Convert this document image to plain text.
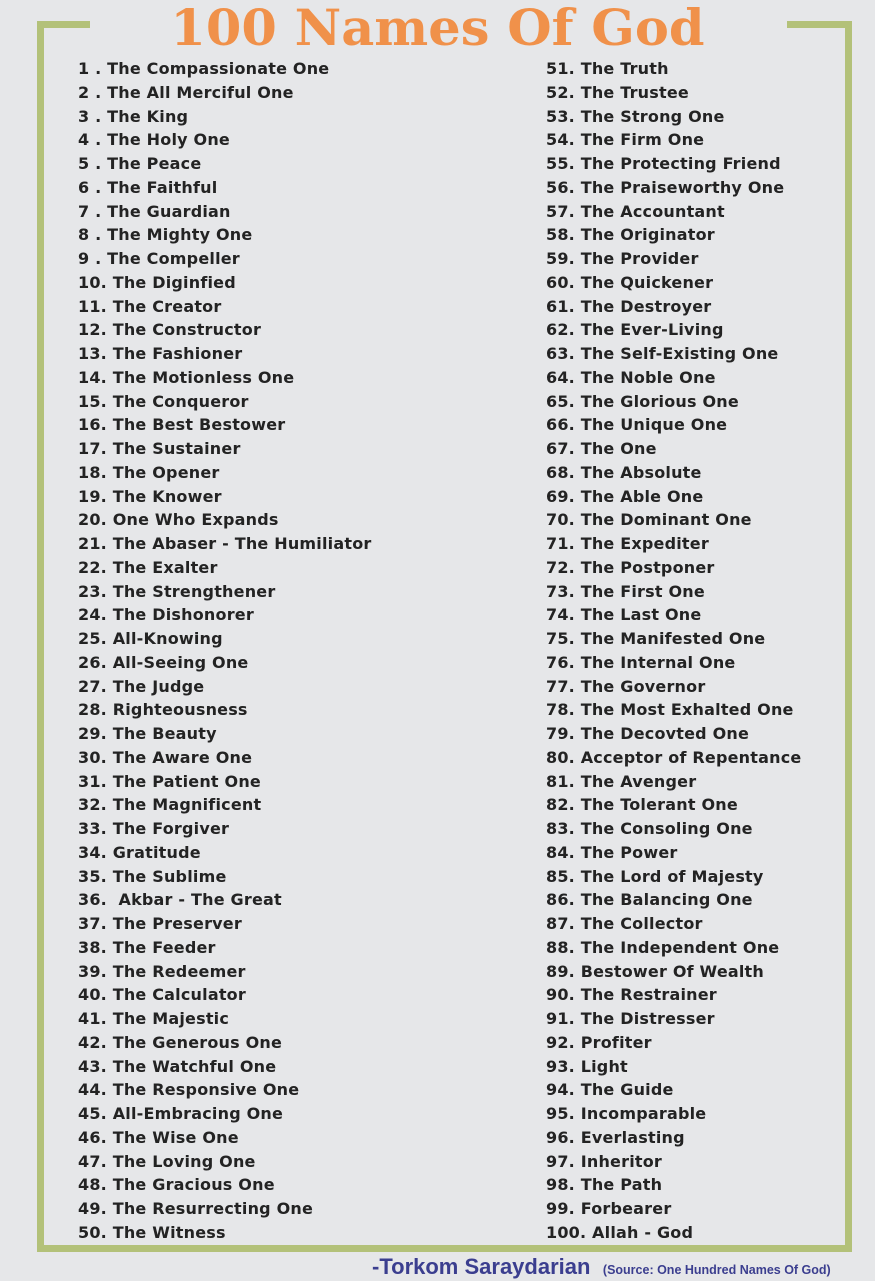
100 Names Of God
1 . The Compassionate One
2 . The All Merciful One
3 . The King
4 . The Holy One
5 . The Peace
6 . The Faithful
7 . The Guardian
8 . The Mighty One
9 . The Compeller
10. The Diginfied
11. The Creator
12. The Constructor
13. The Fashioner
14. The Motionless One
15. The Conqueror
16. The Best Bestower
17. The Sustainer
18. The Opener
19. The Knower
20. One Who Expands
21. The Abaser - The Humiliator
22. The Exalter
23. The Strengthener
24. The Dishonorer
25. All-Knowing
26. All-Seeing One
27. The Judge
28. Righteousness
29. The Beauty
30. The Aware One
31. The Patient One
32. The Magnificent
33. The Forgiver
34. Gratitude
35. The Sublime
36.  Akbar - The Great
37. The Preserver
38. The Feeder
39. The Redeemer
40. The Calculator
41. The Majestic
42. The Generous One
43. The Watchful One
44. The Responsive One
45. All-Embracing One
46. The Wise One
47. The Loving One
48. The Gracious One
49. The Resurrecting One
50. The Witness
51. The Truth
52. The Trustee
53. The Strong One
54. The Firm One
55. The Protecting Friend
56. The Praiseworthy One
57. The Accountant
58. The Originator
59. The Provider
60. The Quickener
61. The Destroyer
62. The Ever-Living
63. The Self-Existing One
64. The Noble One
65. The Glorious One
66. The Unique One
67. The One
68. The Absolute
69. The Able One
70. The Dominant One
71. The Expediter
72. The Postponer
73. The First One
74. The Last One
75. The Manifested One
76. The Internal One
77. The Governor
78. The Most Exhalted One
79. The Decovted One
80. Acceptor of Repentance
81. The Avenger
82. The Tolerant One
83. The Consoling One
84. The Power
85. The Lord of Majesty
86. The Balancing One
87. The Collector
88. The Independent One
89. Bestower Of Wealth
90. The Restrainer
91. The Distresser
92. Profiter
93. Light
94. The Guide
95. Incomparable
96. Everlasting
97. Inheritor
98. The Path
99. Forbearer
100. Allah - God
-Torkom Saraydarian (Source: One Hundred Names Of God)
